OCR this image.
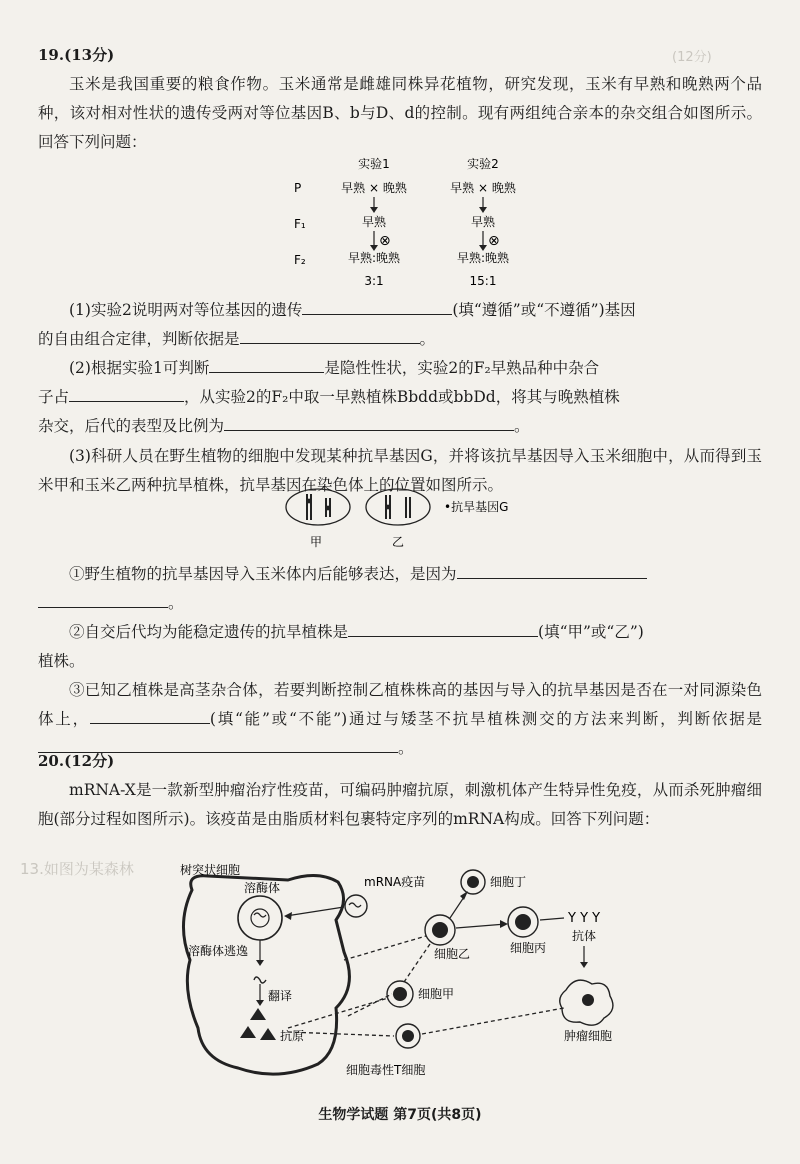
(12分)
13.如图为某森林
19.(13分)
玉米是我国重要的粮食作物。玉米通常是雌雄同株异花植物，研究发现，玉米有早熟和晚熟两个品种，该对相对性状的遗传受两对等位基因B、b与D、d的控制。现有两组纯合亲本的杂交组合如图所示。回答下列问题：
实验1	实验2
P	早熟 × 晚熟	早熟 × 晚熟
F₁	早熟	早熟
⊗	⊗
F₂	早熟:晚熟	早熟:晚熟
3:1	15:1
(1)实验2说明两对等位基因的遗传	(填“遵循”或“不遵循”)基因
的自由组合定律，判断依据是	。
(2)根据实验1可判断	是隐性性状，实验2的F₂早熟品种中杂合
子占	，从实验2的F₂中取一早熟植株Bbdd或bbDd，将其与晚熟植株
杂交，后代的表型及比例为	。
(3)科研人员在野生植物的细胞中发现某种抗旱基因G，并将该抗旱基因导入玉米细胞中，从而得到玉米甲和玉米乙两种抗旱植株，抗旱基因在染色体上的位置如图所示。
甲	乙
•抗旱基因G
①野生植物的抗旱基因导入玉米体内后能够表达，是因为
。
②自交后代均为能稳定遗传的抗旱植株是	(填“甲”或“乙”)
植株。
③已知乙植株是高茎杂合体，若要判断控制乙植株株高的基因与导入的抗旱基因是否在一对同源染色体上，	(填“能”或“不能”)通过与矮茎不抗旱植株测交的方法来判断，判断依据是。
20.(12分)
mRNA-X是一款新型肿瘤治疗性疫苗，可编码肿瘤抗原，刺激机体产生特异性免疫，从而杀死肿瘤细胞(部分过程如图所示)。该疫苗是由脂质材料包裹特定序列的mRNA构成。回答下列问题：
树突状细胞
溶酶体	mRNA疫苗
溶酶体逃逸
翻译
抗原
细胞甲
细胞乙
细胞丁
细胞丙
细胞毒性T细胞
Y Y Y
抗体
肿瘤细胞
生物学试题 第7页(共8页)
